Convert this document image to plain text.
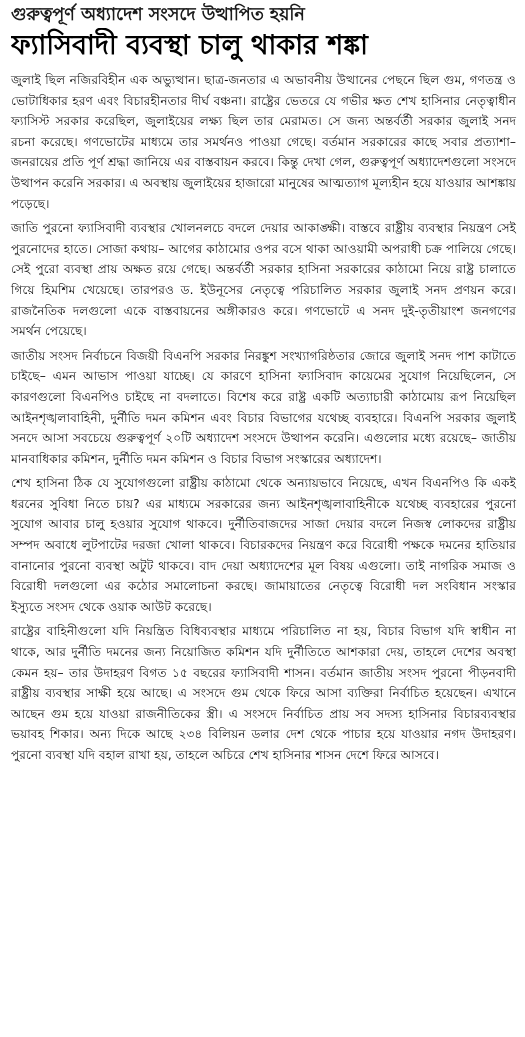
গুরুত্বপূর্ণ অধ্যাদেশ সংসদে উত্থাপিত হয়নি
ফ্যাসিবাদী ব্যবস্থা চালু থাকার শঙ্কা

জুলাই ছিল নজিরবিহীন এক অভ্যুত্থান। ছাত্র-জনতার এ অভাবনীয় উত্থানের পেছনে ছিল গুম, গণতন্ত্র ও ভোটাধিকার হরণ এবং বিচারহীনতার দীর্ঘ বঞ্চনা। রাষ্ট্রের ভেতরে যে গভীর ক্ষত শেখ হাসিনার নেতৃত্বাধীন ফ্যাসিস্ট সরকার করেছিল, জুলাইয়ের লক্ষ্য ছিল তার মেরামত। সে জন্য অন্তর্বর্তী সরকার জুলাই সনদ রচনা করেছে। গণভোটের মাধ্যমে তার সমর্থনও পাওয়া গেছে। বর্তমান সরকারের কাছে সবার প্রত্যাশা– জনরায়ের প্রতি পূর্ণ শ্রদ্ধা জানিয়ে এর বাস্তবায়ন করবে। কিন্তু দেখা গেল, গুরুত্বপূর্ণ অধ্যাদেশগুলো সংসদে উত্থাপন করেনি সরকার। এ অবস্থায় জুলাইয়ের হাজারো মানুষের আত্মত্যাগ মূল্যহীন হয়ে যাওয়ার আশঙ্কায় পড়েছে।

জাতি পুরনো ফ্যাসিবাদী ব্যবস্থার খোলনলচে বদলে দেয়ার আকাঙ্ক্ষী। বাস্তবে রাষ্ট্রীয় ব্যবস্থার নিয়ন্ত্রণ সেই পুরনোদের হাতে। সোজা কথায়– আগের কাঠামোর ওপর বসে থাকা আওয়ামী অপরাধী চক্র পালিয়ে গেছে। সেই পুরো ব্যবস্থা প্রায় অক্ষত রয়ে গেছে। অন্তর্বর্তী সরকার হাসিনা সরকারের কাঠামো নিয়ে রাষ্ট্র চালাতে গিয়ে হিমশিম খেয়েছে। তারপরও ড. ইউনূসের নেতৃত্বে পরিচালিত সরকার জুলাই সনদ প্রণয়ন করে। রাজনৈতিক দলগুলো একে বাস্তবায়নের অঙ্গীকারও করে। গণভোটে এ সনদ দুই-তৃতীয়াংশ জনগণের সমর্থন পেয়েছে।

জাতীয় সংসদ নির্বাচনে বিজয়ী বিএনপি সরকার নিরঙ্কুশ সংখ্যাগরিষ্ঠতার জোরে জুলাই সনদ পাশ কাটাতে চাইছে– এমন আভাস পাওয়া যাচ্ছে। যে কারণে হাসিনা ফ্যাসিবাদ কায়েমের সুযোগ নিয়েছিলেন, সে কারণগুলো বিএনপিও চাইছে না বদলাতে। বিশেষ করে রাষ্ট্র একটি অত্যাচারী কাঠামোয় রূপ নিয়েছিল আইনশৃঙ্খলাবাহিনী, দুর্নীতি দমন কমিশন এবং বিচার বিভাগের যথেচ্ছ ব্যবহারে। বিএনপি সরকার জুলাই সনদে আসা সবচেয়ে গুরুত্বপূর্ণ ২০টি অধ্যাদেশ সংসদে উত্থাপন করেনি। এগুলোর মধ্যে রয়েছে– জাতীয় মানবাধিকার কমিশন, দুর্নীতি দমন কমিশন ও বিচার বিভাগ সংস্কারের অধ্যাদেশ।

শেখ হাসিনা ঠিক যে সুযোগগুলো রাষ্ট্রীয় কাঠামো থেকে অন্যায়ভাবে নিয়েছে, এখন বিএনপিও কি একই ধরনের সুবিধা নিতে চায়? এর মাধ্যমে সরকারের জন্য আইনশৃঙ্খলাবাহিনীকে যথেচ্ছ ব্যবহারের পুরনো সুযোগ আবার চালু হওয়ার সুযোগ থাকবে। দুর্নীতিবাজদের সাজা দেয়ার বদলে নিজস্ব লোকদের রাষ্ট্রীয় সম্পদ অবাধে লুটপাটের দরজা খোলা থাকবে। বিচারকদের নিয়ন্ত্রণ করে বিরোধী পক্ষকে দমনের হাতিয়ার বানানোর পুরনো ব্যবস্থা অটুট থাকবে। বাদ দেয়া অধ্যাদেশের মূল বিষয় এগুলো। তাই নাগরিক সমাজ ও বিরোধী দলগুলো এর কঠোর সমালোচনা করছে। জামায়াতের নেতৃত্বে বিরোধী দল সংবিধান সংস্কার ইস্যুতে সংসদ থেকে ওয়াক আউট করেছে।

রাষ্ট্রের বাহিনীগুলো যদি নিয়ন্ত্রিত বিধিব্যবস্থার মাধ্যমে পরিচালিত না হয়, বিচার বিভাগ যদি স্বাধীন না থাকে, আর দুর্নীতি দমনের জন্য নিয়োজিত কমিশন যদি দুর্নীতিতে আশকারা দেয়, তাহলে দেশের অবস্থা কেমন হয়– তার উদাহরণ বিগত ১৫ বছরের ফ্যাসিবাদী শাসন। বর্তমান জাতীয় সংসদ পুরনো পীড়নবাদী রাষ্ট্রীয় ব্যবস্থার সাক্ষী হয়ে আছে। এ সংসদে গুম থেকে ফিরে আসা ব্যক্তিরা নির্বাচিত হয়েছেন। এখানে আছেন গুম হয়ে যাওয়া রাজনীতিকের স্ত্রী। এ সংসদে নির্বাচিত প্রায় সব সদস্য হাসিনার বিচারব্যবস্থার ভয়াবহ শিকার। অন্য দিকে আছে ২৩৪ বিলিয়ন ডলার দেশ থেকে পাচার হয়ে যাওয়ার নগদ উদাহরণ। পুরনো ব্যবস্থা যদি বহাল রাখা হয়, তাহলে অচিরে শেখ হাসিনার শাসন দেশে ফিরে আসবে।
